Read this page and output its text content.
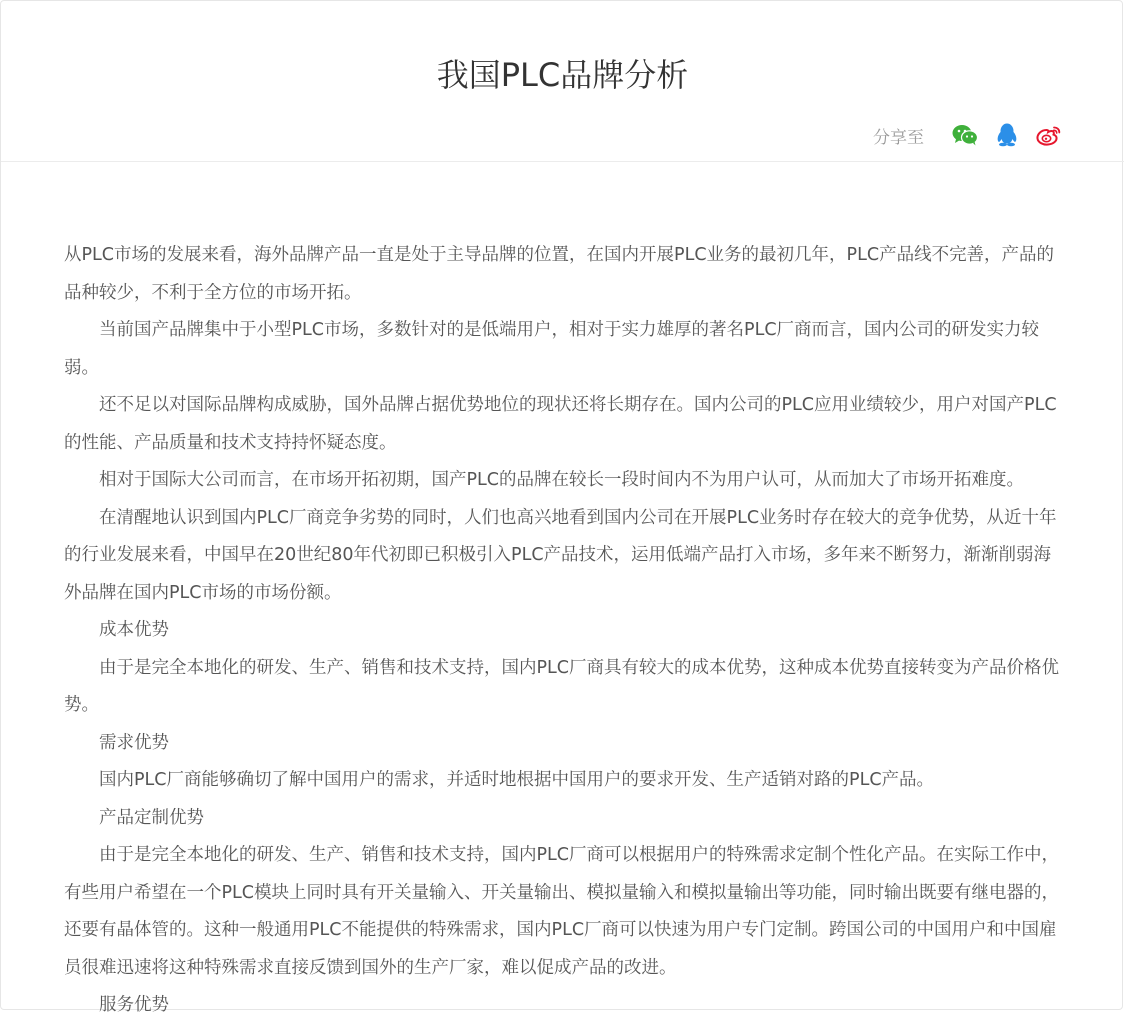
我国PLC品牌分析
分享至

从PLC市场的发展来看，海外品牌产品一直是处于主导品牌的位置，在国内开展PLC业务的最初几年，PLC产品线不完善，产品的品种较少，不利于全方位的市场开拓。

当前国产品牌集中于小型PLC市场，多数针对的是低端用户，相对于实力雄厚的著名PLC厂商而言，国内公司的研发实力较弱。

还不足以对国际品牌构成威胁，国外品牌占据优势地位的现状还将长期存在。国内公司的PLC应用业绩较少，用户对国产PLC的性能、产品质量和技术支持持怀疑态度。

相对于国际大公司而言，在市场开拓初期，国产PLC的品牌在较长一段时间内不为用户认可，从而加大了市场开拓难度。

在清醒地认识到国内PLC厂商竞争劣势的同时，人们也高兴地看到国内公司在开展PLC业务时存在较大的竞争优势，从近十年的行业发展来看，中国早在20世纪80年代初即已积极引入PLC产品技术，运用低端产品打入市场，多年来不断努力，渐渐削弱海外品牌在国内PLC市场的市场份额。

成本优势

由于是完全本地化的研发、生产、销售和技术支持，国内PLC厂商具有较大的成本优势，这种成本优势直接转变为产品价格优势。

需求优势

国内PLC厂商能够确切了解中国用户的需求，并适时地根据中国用户的要求开发、生产适销对路的PLC产品。

产品定制优势

由于是完全本地化的研发、生产、销售和技术支持，国内PLC厂商可以根据用户的特殊需求定制个性化产品。在实际工作中，有些用户希望在一个PLC模块上同时具有开关量输入、开关量输出、模拟量输入和模拟量输出等功能，同时输出既要有继电器的，还要有晶体管的。这种一般通用PLC不能提供的特殊需求，国内PLC厂商可以快速为用户专门定制。跨国公司的中国用户和中国雇员很难迅速将这种特殊需求直接反馈到国外的生产厂家，难以促成产品的改进。

服务优势
